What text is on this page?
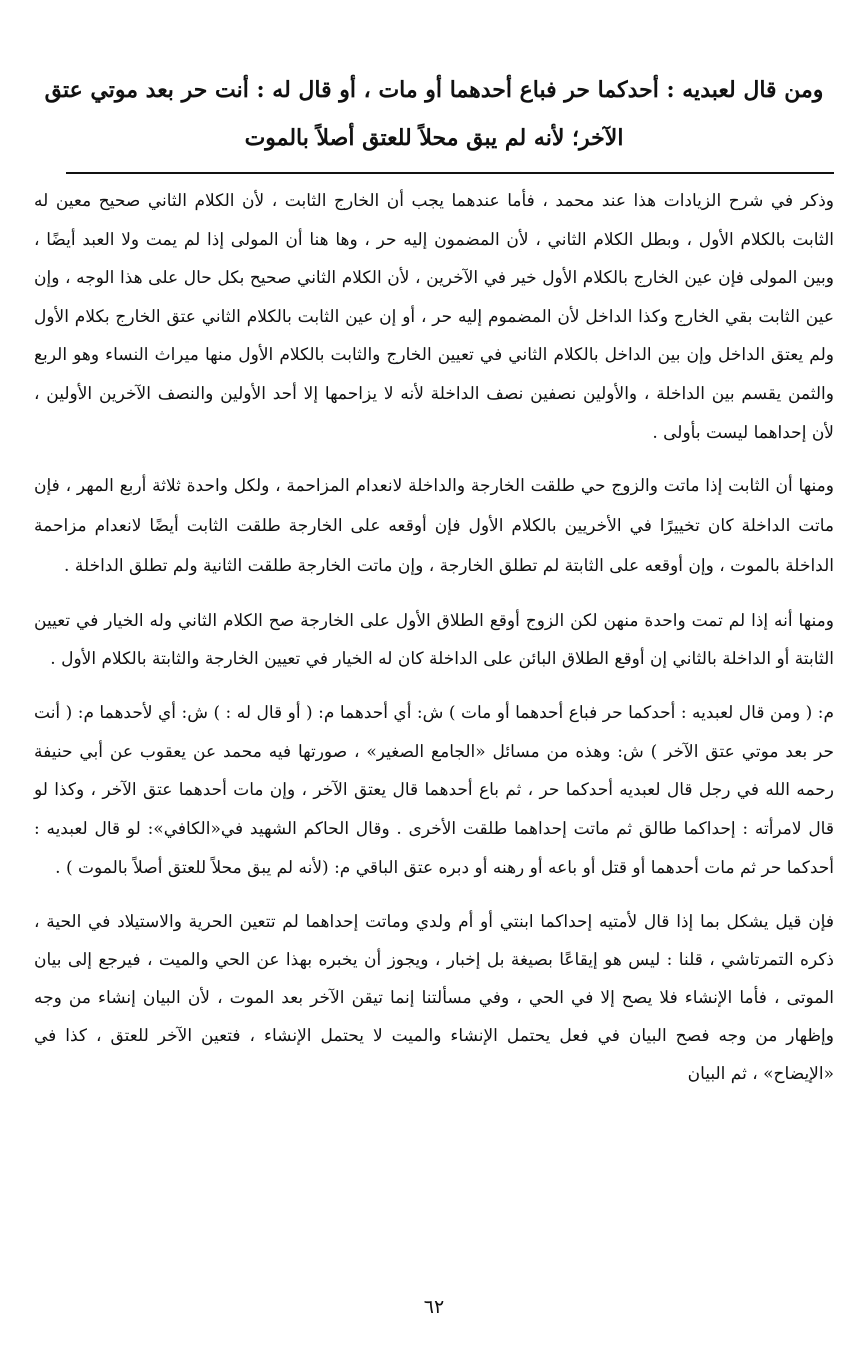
ومن قال لعبديه : أحدكما حر فباع أحدهما أو مات ، أو قال له : أنت حر بعد موتي عتق الآخر؛ لأنه لم يبق محلاً للعتق أصلاً بالموت

وذكر في شرح الزيادات هذا عند محمد ، فأما عندهما يجب أن الخارج الثابت ، لأن الكلام الثاني صحيح معين له الثابت بالكلام الأول ، وبطل الكلام الثاني ، لأن المضمون إليه حر ، وها هنا أن المولى إذا لم يمت ولا العبد أيضًا ، وبين المولى فإن عين الخارج بالكلام الأول خير في الآخرين ، لأن الكلام الثاني صحيح بكل حال على هذا الوجه ، وإن عين الثابت بقي الخارج وكذا الداخل لأن المضموم إليه حر ، أو إن عين الثابت بالكلام الثاني عتق الخارج بكلام الأول ولم يعتق الداخل وإن بين الداخل بالكلام الثاني في تعيين الخارج والثابت بالكلام الأول منها ميراث النساء وهو الربع والثمن يقسم بين الداخلة ، والأولين نصفين نصف الداخلة لأنه لا يزاحمها إلا أحد الأولين والنصف الآخرين الأولين ، لأن إحداهما ليست بأولى .

ومنها أن الثابت إذا ماتت والزوج حي طلقت الخارجة والداخلة لانعدام المزاحمة ، ولكل واحدة ثلاثة أربع المهر ، فإن ماتت الداخلة كان تخييرًا في الأخريين بالكلام الأول فإن أوقعه على الخارجة طلقت الثابت أيضًا لانعدام مزاحمة الداخلة بالموت ، وإن أوقعه على الثابتة لم تطلق الخارجة ، وإن ماتت الخارجة طلقت الثانية ولم تطلق الداخلة .

ومنها أنه إذا لم تمت واحدة منهن لكن الزوج أوقع الطلاق الأول على الخارجة صح الكلام الثاني وله الخيار في تعيين الثابتة أو الداخلة بالثاني إن أوقع الطلاق البائن على الداخلة كان له الخيار في تعيين الخارجة والثابتة بالكلام الأول .

م: ( ومن قال لعبديه : أحدكما حر فباع أحدهما أو مات ) ش: أي أحدهما م: ( أو قال له : ) ش: أي لأحدهما م: ( أنت حر بعد موتي عتق الآخر ) ش: وهذه من مسائل «الجامع الصغير» ، صورتها فيه محمد عن يعقوب عن أبي حنيفة رحمه الله في رجل قال لعبديه أحدكما حر ، ثم باع أحدهما قال يعتق الآخر ، وإن مات أحدهما عتق الآخر ، وكذا لو قال لامرأته : إحداكما طالق ثم ماتت إحداهما طلقت الأخرى . وقال الحاكم الشهيد في«الكافي»: لو قال لعبديه : أحدكما حر ثم مات أحدهما أو قتل أو باعه أو رهنه أو دبره عتق الباقي م: (لأنه لم يبق محلاً للعتق أصلاً بالموت ) .

فإن قيل يشكل بما إذا قال لأمتيه إحداكما ابنتي أو أم ولدي وماتت إحداهما لم تتعين الحرية والاستيلاد في الحية ، ذكره التمرتاشي ، قلنا : ليس هو إيقاعًا بصيغة بل إخبار ، ويجوز أن يخبره بهذا عن الحي والميت ، فيرجع إلى بيان الموتى ، فأما الإنشاء فلا يصح إلا في الحي ، وفي مسألتنا إنما تيقن الآخر بعد الموت ، لأن البيان إنشاء من وجه وإظهار من وجه فصح البيان في فعل يحتمل الإنشاء والميت لا يحتمل الإنشاء ، فتعين الآخر للعتق ، كذا في «الإيضاح» ، ثم البيان

٦٢
